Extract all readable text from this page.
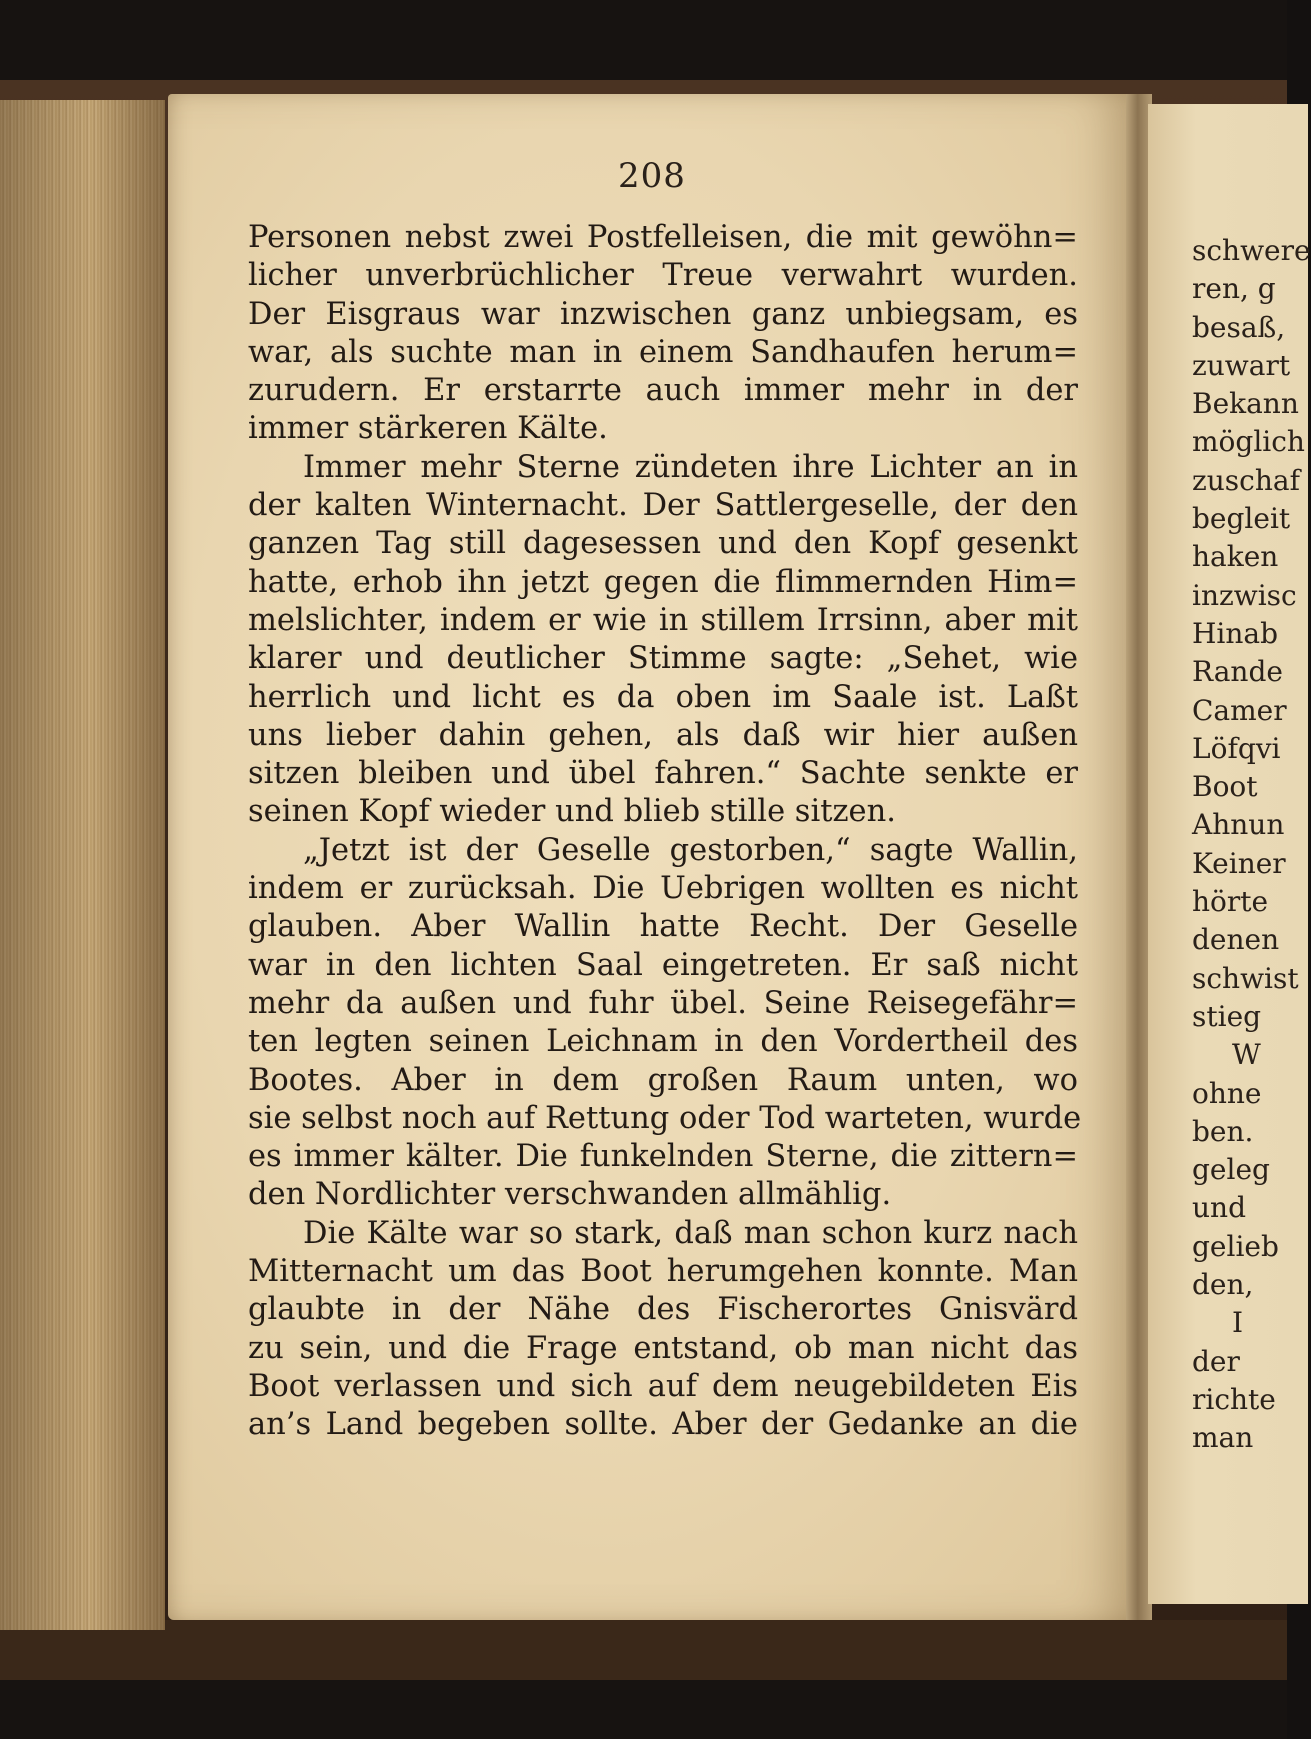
208

Personen nebst zwei Postfelleisen, die mit gewöhn=
licher unverbrüchlicher Treue verwahrt wurden.
Der Eisgraus war inzwischen ganz unbiegsam, es
war, als suchte man in einem Sandhaufen herum=
zurudern. Er erstarrte auch immer mehr in der
immer stärkeren Kälte.
Immer mehr Sterne zündeten ihre Lichter an in
der kalten Winternacht. Der Sattlergeselle, der den
ganzen Tag still dagesessen und den Kopf gesenkt
hatte, erhob ihn jetzt gegen die flimmernden Him=
melslichter, indem er wie in stillem Irrsinn, aber mit
klarer und deutlicher Stimme sagte: „Sehet, wie
herrlich und licht es da oben im Saale ist. Laßt
uns lieber dahin gehen, als daß wir hier außen
sitzen bleiben und übel fahren.“ Sachte senkte er
seinen Kopf wieder und blieb stille sitzen.
„Jetzt ist der Geselle gestorben,“ sagte Wallin,
indem er zurücksah. Die Uebrigen wollten es nicht
glauben. Aber Wallin hatte Recht. Der Geselle
war in den lichten Saal eingetreten. Er saß nicht
mehr da außen und fuhr übel. Seine Reisegefähr=
ten legten seinen Leichnam in den Vordertheil des
Bootes. Aber in dem großen Raum unten, wo
sie selbst noch auf Rettung oder Tod warteten, wurde
es immer kälter. Die funkelnden Sterne, die zittern=
den Nordlichter verschwanden allmählig.
Die Kälte war so stark, daß man schon kurz nach
Mitternacht um das Boot herumgehen konnte. Man
glaubte in der Nähe des Fischerortes Gnisvärd
zu sein, und die Frage entstand, ob man nicht das
Boot verlassen und sich auf dem neugebildeten Eis
an’s Land begeben sollte. Aber der Gedanke an die
schwere
ren, g
besaß,
zuwart
Bekann
möglich
zuschaf
begleit
haken
inzwisc
Hinab
Rande
Camer
Löfqvi
Boot
Ahnun
Keiner
hörte
denen
schwist
stieg
W
ohne
ben.
geleg
und
gelieb
den,
I
der
richte
man
